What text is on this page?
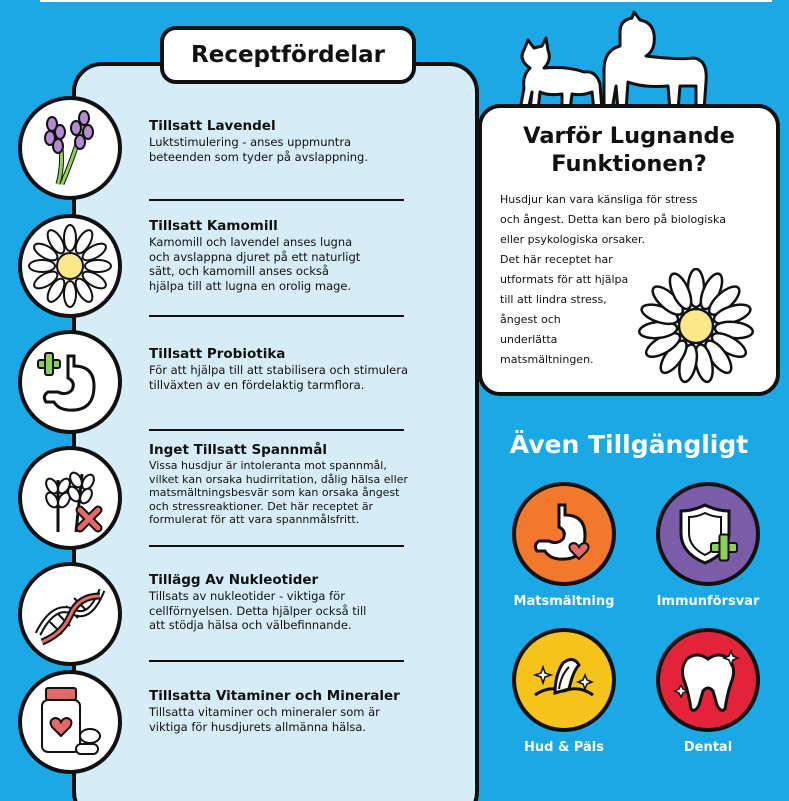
Receptfördelar
Tillsatt Lavendel
Luktstimulering - anses uppmuntra
beteenden som tyder på avslappning.
Tillsatt Kamomill
Kamomill och lavendel anses lugna
och avslappna djuret på ett naturligt
sätt, och kamomill anses också
hjälpa till att lugna en orolig mage.
Tillsatt Probiotika
För att hjälpa till att stabilisera och stimulera
tillväxten av en fördelaktig tarmflora.
Inget Tillsatt Spannmål
Vissa husdjur är intoleranta mot spannmål,
vilket kan orsaka hudirritation, dålig hälsa eller
matsmältningsbesvär som kan orsaka ångest
och stressreaktioner. Det här receptet är
formulerat för att vara spannmålsfritt.
Tillägg Av Nukleotider
Tillsats av nukleotider - viktiga för
cellförnyelsen. Detta hjälper också till
att stödja hälsa och välbefinnande.
Tillsatta Vitaminer och Mineraler
Tillsatta vitaminer och mineraler som är
viktiga för husdjurets allmänna hälsa.
Varför Lugnande
Funktionen?
Husdjur kan vara känsliga för stress
och ångest. Detta kan bero på biologiska
eller psykologiska orsaker.
Det här receptet har
utformats för att hjälpa
till att lindra stress,
ångest och
underlätta
matsmältningen.
Även Tillgängligt
Matsmältning	Immunförsvar
Hud & Päls	Dental
